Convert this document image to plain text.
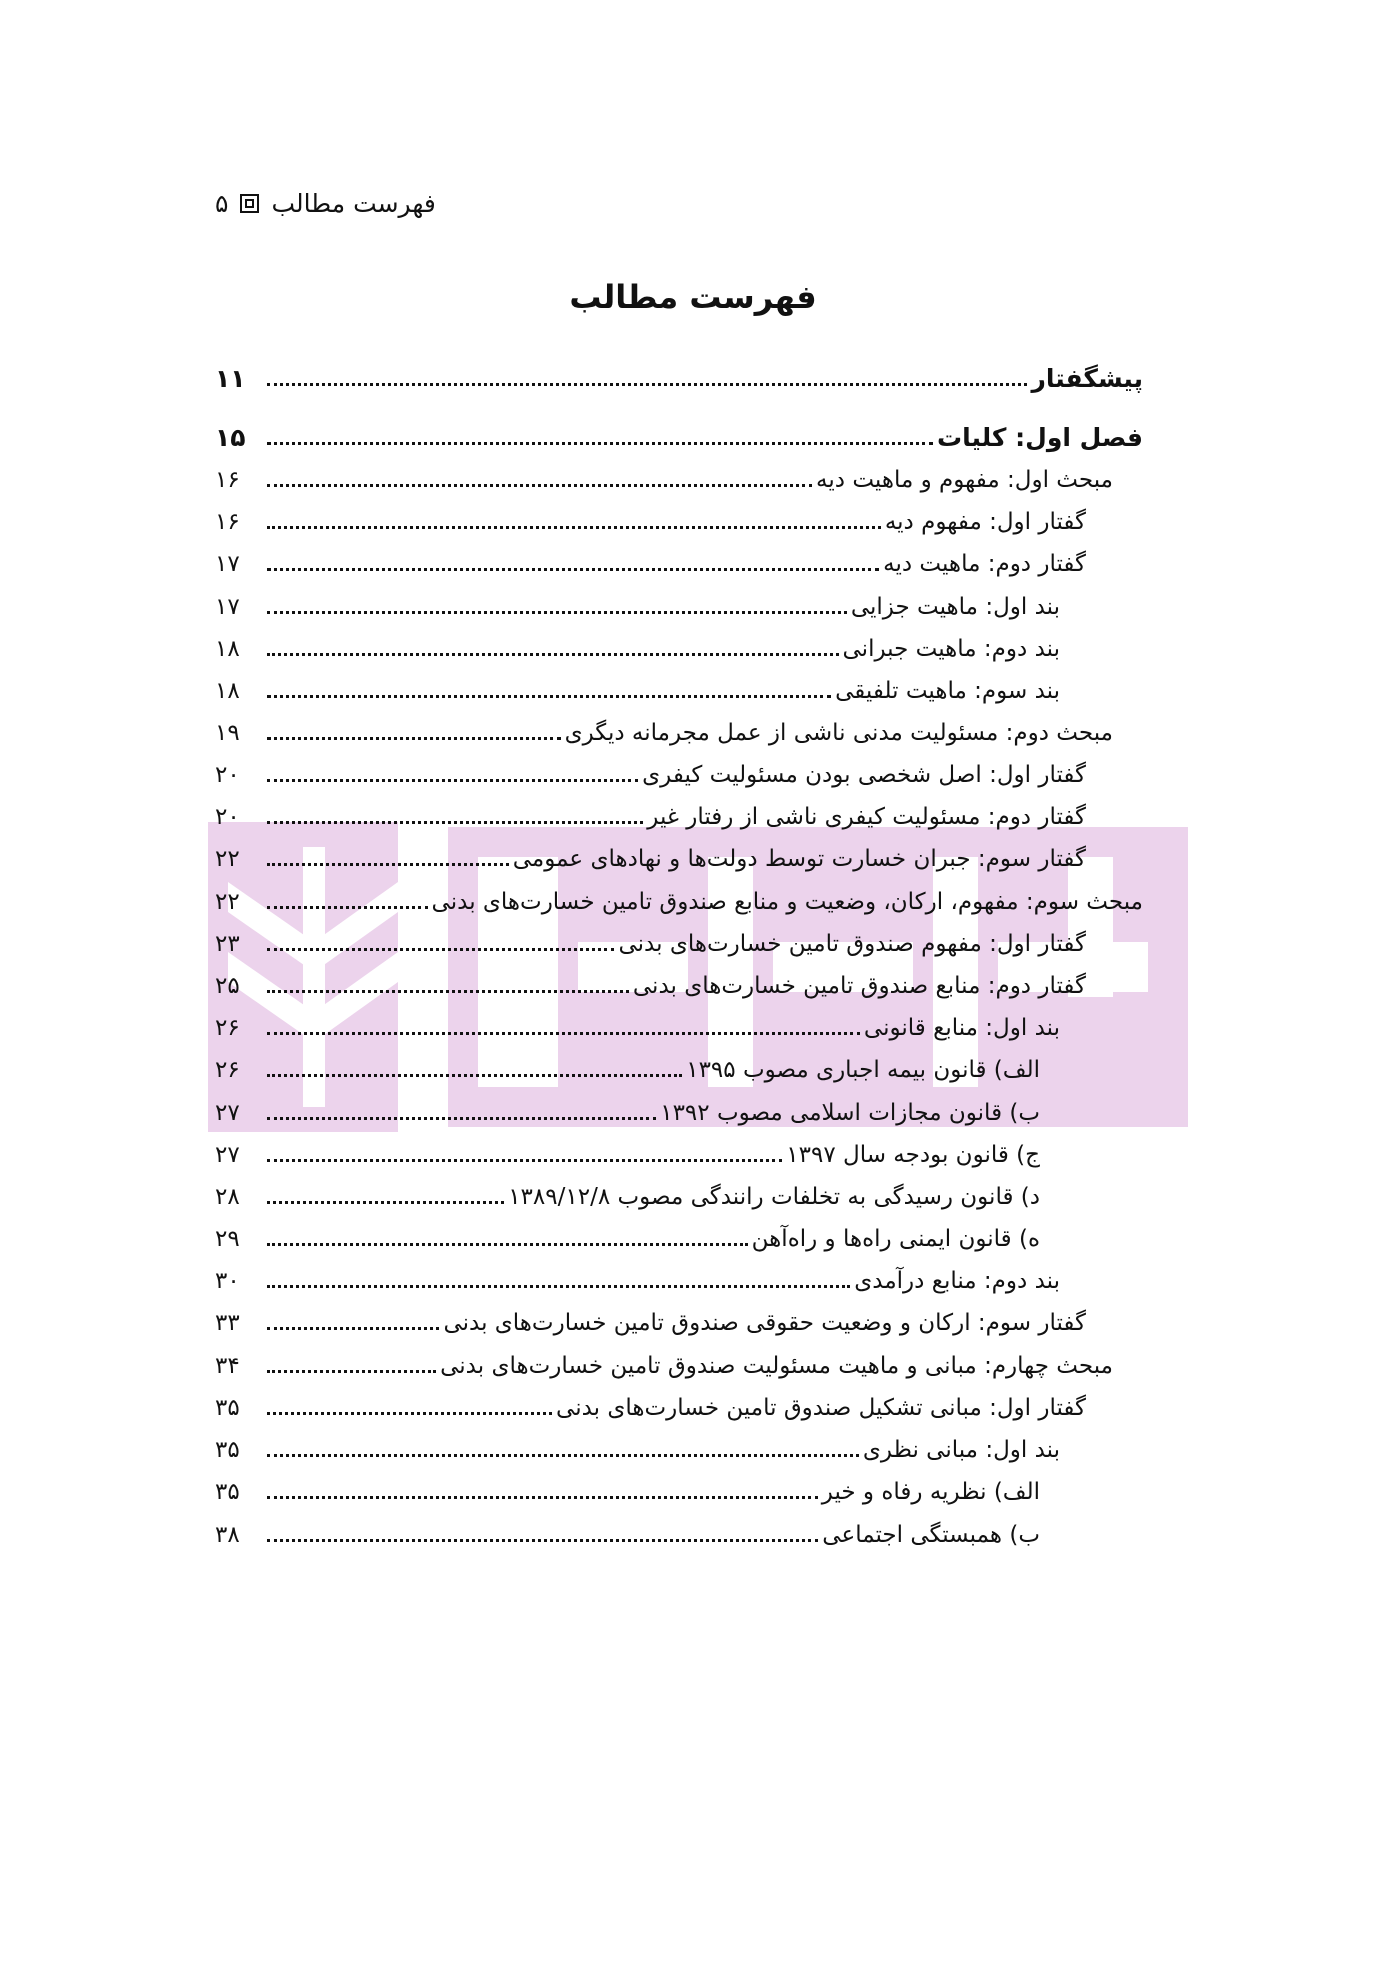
۵ فهرست مطالب
فهرست مطالب
پیشگفتار
۱۱
فصل اول: کلیات
۱۵
مبحث اول: مفهوم و ماهیت دیه
۱۶
گفتار اول: مفهوم دیه
۱۶
گفتار دوم: ماهیت دیه
۱۷
بند اول: ماهیت جزایی
۱۷
بند دوم: ماهیت جبرانی
۱۸
بند سوم: ماهیت تلفیقی
۱۸
مبحث دوم: مسئولیت مدنی ناشی از عمل مجرمانه دیگری
۱۹
گفتار اول: اصل شخصی بودن مسئولیت کیفری
۲۰
گفتار دوم: مسئولیت کیفری ناشی از رفتار غیر
۲۰
گفتار سوم: جبران خسارت توسط دولت‌ها و نهادهای عمومی
۲۲
مبحث سوم: مفهوم، ارکان، وضعیت و منابع صندوق تامین خسارت‌های بدنی
۲۲
گفتار اول: مفهوم صندوق تامین خسارت‌های بدنی
۲۳
گفتار دوم: منابع صندوق تامین خسارت‌های بدنی
۲۵
بند اول: منابع قانونی
۲۶
الف) قانون بیمه اجباری مصوب ۱۳۹۵
۲۶
ب) قانون مجازات اسلامی مصوب ۱۳۹۲
۲۷
ج) قانون بودجه سال ۱۳۹۷
۲۷
د) قانون رسیدگی به تخلفات رانندگی مصوب ۱۳۸۹/۱۲/۸
۲۸
ه) قانون ایمنی راه‌ها و راه‌آهن
۲۹
بند دوم: منابع درآمدی
۳۰
گفتار سوم: ارکان و وضعیت حقوقی صندوق تامین خسارت‌های بدنی
۳۳
مبحث چهارم: مبانی و ماهیت مسئولیت صندوق تامین خسارت‌های بدنی
۳۴
گفتار اول: مبانی تشکیل صندوق تامین خسارت‌های بدنی
۳۵
بند اول: مبانی نظری
۳۵
الف) نظریه رفاه و خیر
۳۵
ب) همبستگی اجتماعی
۳۸
